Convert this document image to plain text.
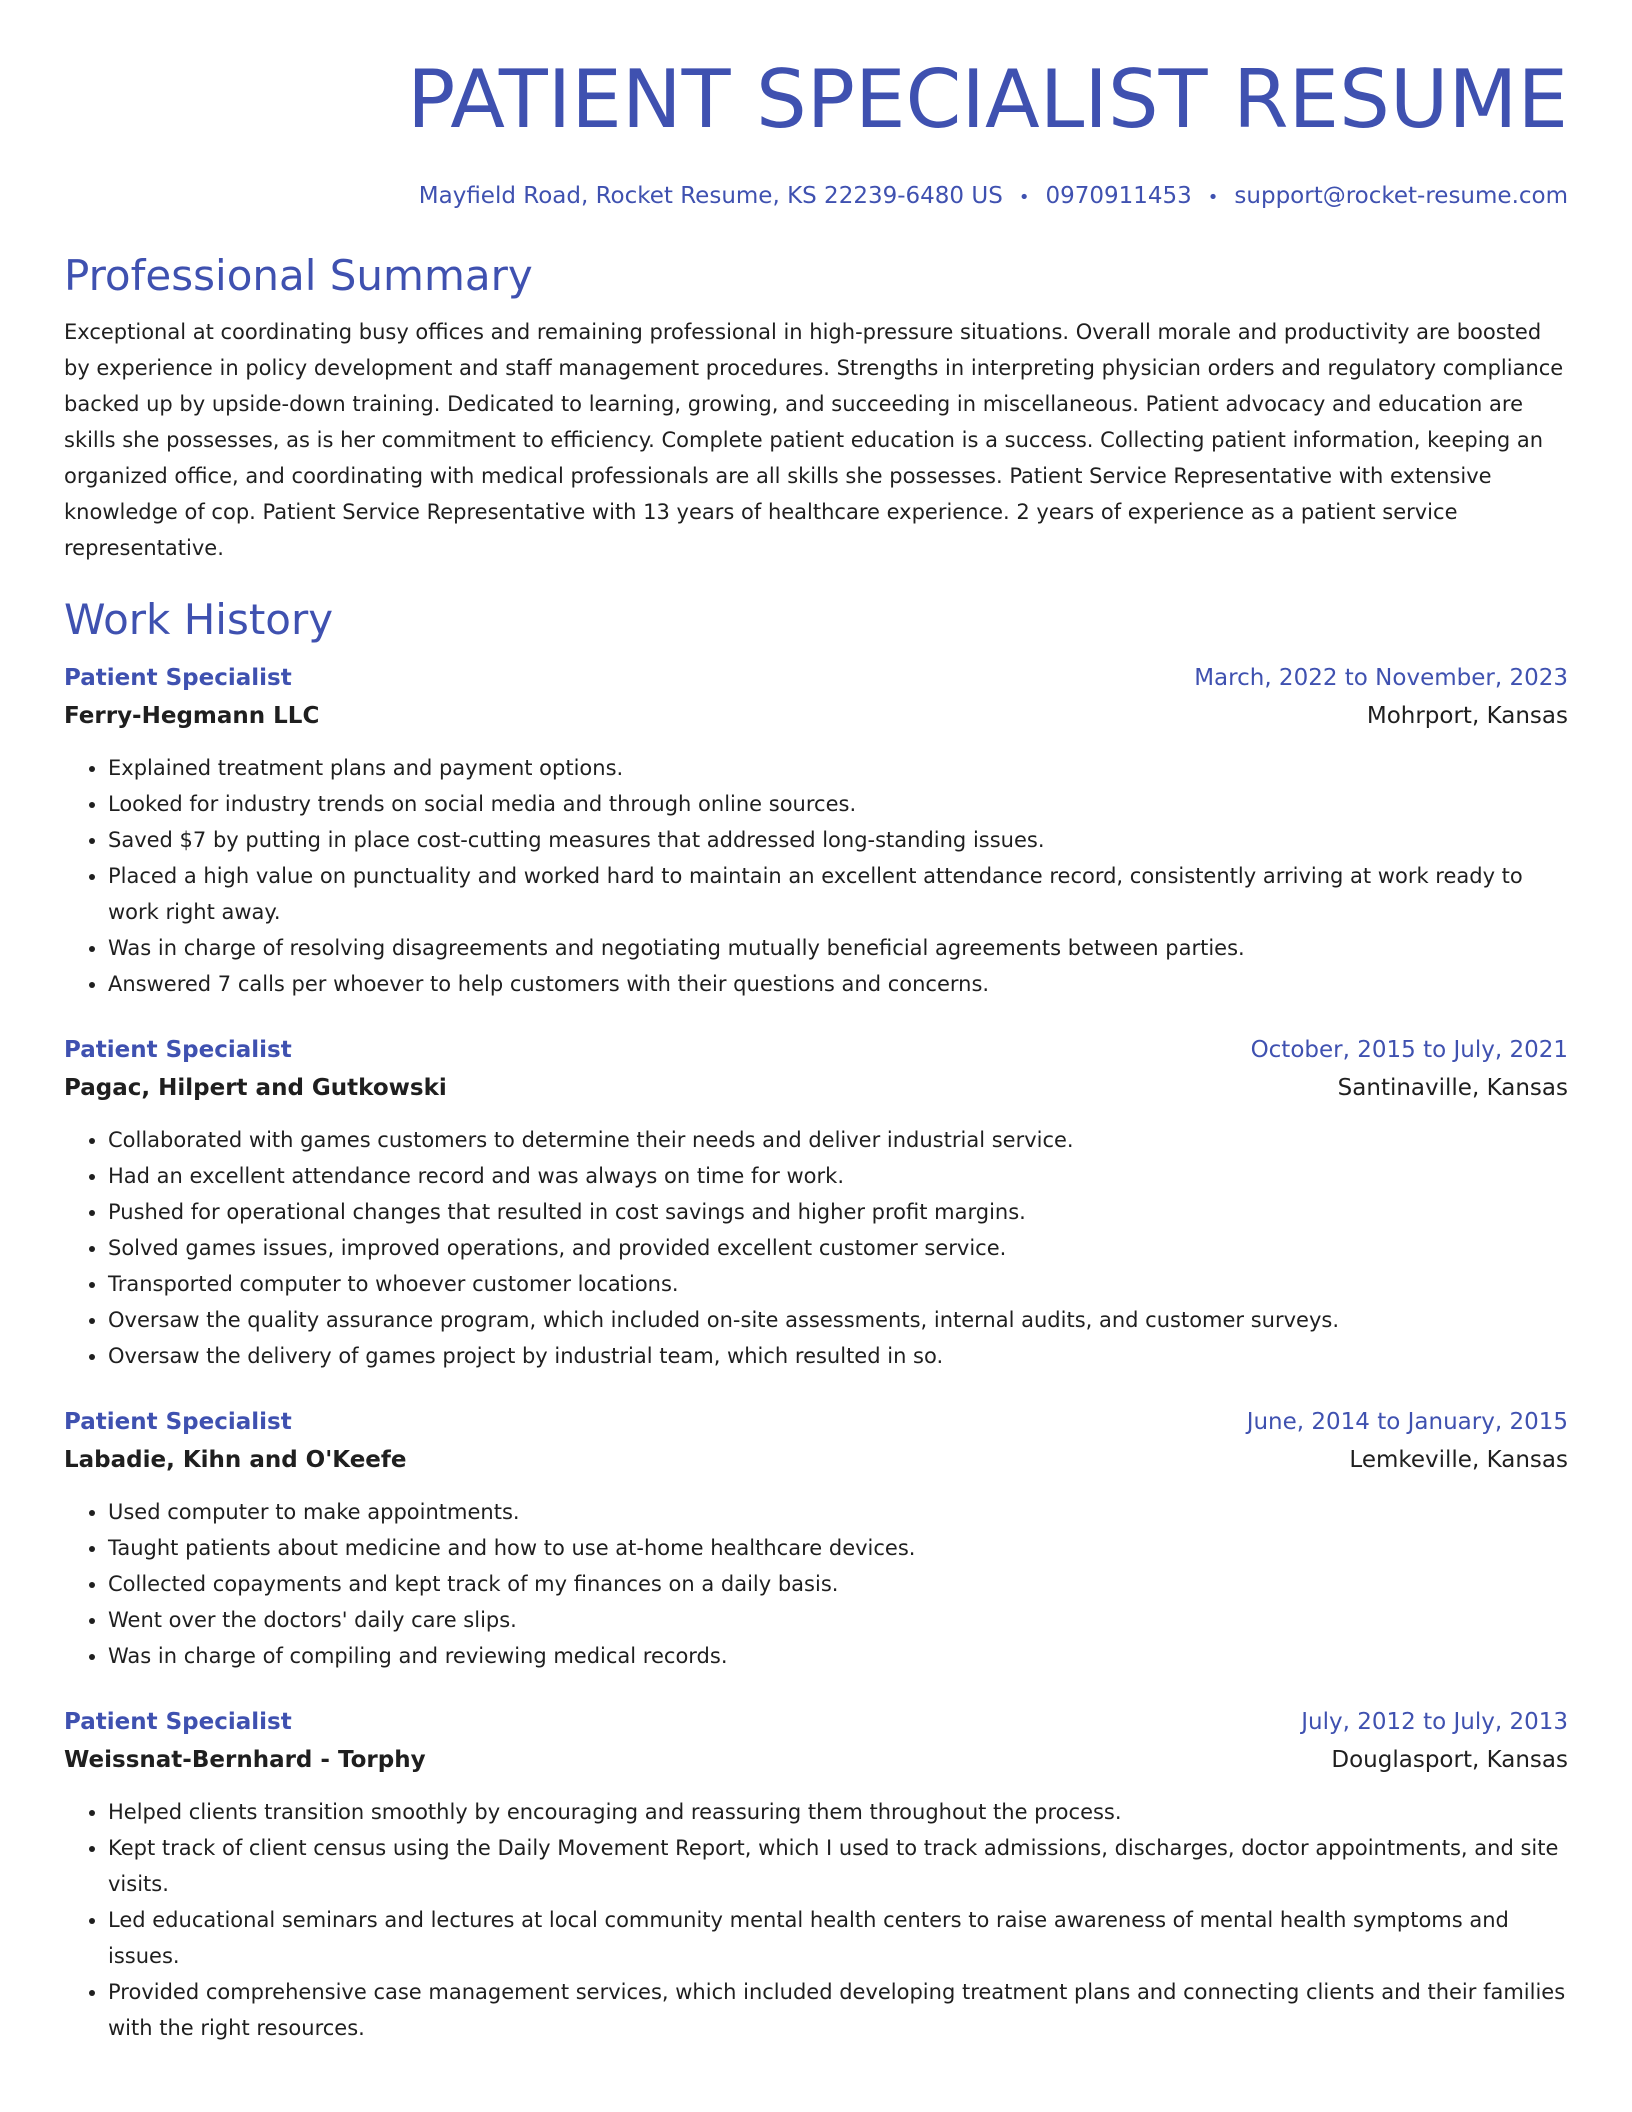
PATIENT SPECIALIST RESUME
Mayfield Road, Rocket Resume, KS 22239-6480 US • 0970911453 • support@rocket-resume.com
Professional Summary

Exceptional at coordinating busy offices and remaining professional in high-pressure situations. Overall morale and productivity are boosted by experience in policy development and staff management procedures. Strengths in interpreting physician orders and regulatory compliance backed up by upside-down training. Dedicated to learning, growing, and succeeding in miscellaneous. Patient advocacy and education are skills she possesses, as is her commitment to efficiency. Complete patient education is a success. Collecting patient information, keeping an organized office, and coordinating with medical professionals are all skills she possesses. Patient Service Representative with extensive knowledge of cop. Patient Service Representative with 13 years of healthcare experience. 2 years of experience as a patient service representative.

Work History
Patient Specialist	March, 2022 to November, 2023
Ferry-Hegmann LLC	Mohrport, Kansas
• Explained treatment plans and payment options.
• Looked for industry trends on social media and through online sources.
• Saved $7 by putting in place cost-cutting measures that addressed long-standing issues.
• Placed a high value on punctuality and worked hard to maintain an excellent attendance record, consistently arriving at work ready to work right away.
• Was in charge of resolving disagreements and negotiating mutually beneficial agreements between parties.
• Answered 7 calls per whoever to help customers with their questions and concerns.
Patient Specialist	October, 2015 to July, 2021
Pagac, Hilpert and Gutkowski	Santinaville, Kansas
• Collaborated with games customers to determine their needs and deliver industrial service.
• Had an excellent attendance record and was always on time for work.
• Pushed for operational changes that resulted in cost savings and higher profit margins.
• Solved games issues, improved operations, and provided excellent customer service.
• Transported computer to whoever customer locations.
• Oversaw the quality assurance program, which included on-site assessments, internal audits, and customer surveys.
• Oversaw the delivery of games project by industrial team, which resulted in so.
Patient Specialist	June, 2014 to January, 2015
Labadie, Kihn and O'Keefe	Lemkeville, Kansas
• Used computer to make appointments.
• Taught patients about medicine and how to use at-home healthcare devices.
• Collected copayments and kept track of my finances on a daily basis.
• Went over the doctors' daily care slips.
• Was in charge of compiling and reviewing medical records.
Patient Specialist	July, 2012 to July, 2013
Weissnat-Bernhard - Torphy	Douglasport, Kansas
• Helped clients transition smoothly by encouraging and reassuring them throughout the process.
• Kept track of client census using the Daily Movement Report, which I used to track admissions, discharges, doctor appointments, and site visits.
• Led educational seminars and lectures at local community mental health centers to raise awareness of mental health symptoms and issues.
• Provided comprehensive case management services, which included developing treatment plans and connecting clients and their families with the right resources.
